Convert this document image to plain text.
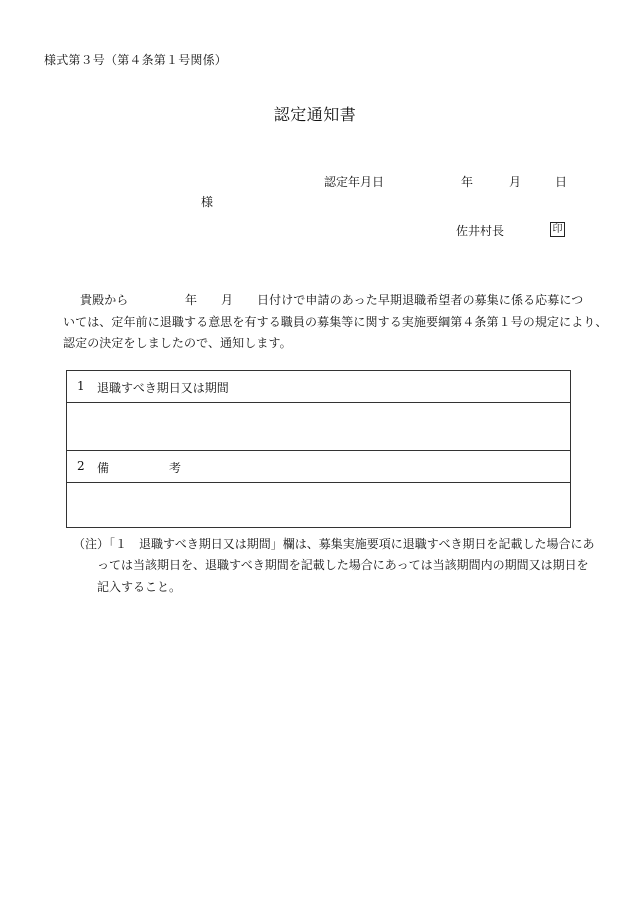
様式第３号（第４条第１号関係）
認定通知書
認定年月日	年	月	日
様
佐井村長	印
貴殿から	年 月 日付けで申請のあった早期退職希望者の募集に係る応募につ
いては、定年前に退職する意思を有する職員の募集等に関する実施要綱第４条第１号の規定により、
認定の決定をしましたので、通知します。
1 退職すべき期日又は期間
2 備	考
（注）「１　退職すべき期日又は期間」欄は、募集実施要項に退職すべき期日を記載した場合にあ
っては当該期日を、退職すべき期間を記載した場合にあっては当該期間内の期間又は期日を
記入すること。
